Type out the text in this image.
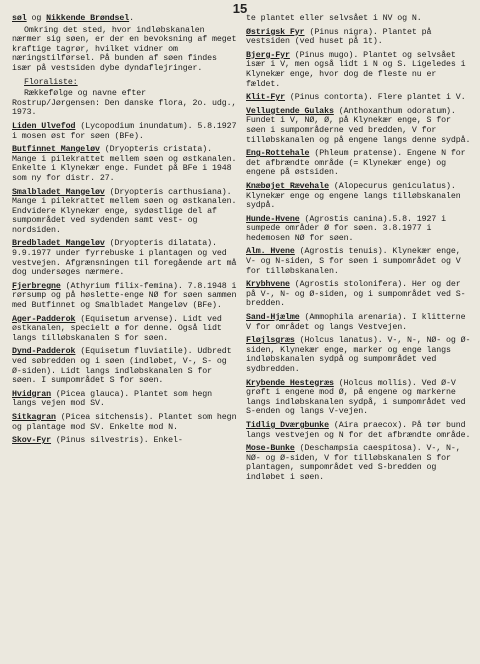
15
søl og Nikkende Brøndsel.

Omkring det sted, hvor indløbskanalen nærmer sig søen, er der en bevoksning af meget kraftige tagrør, hvilket vidner om næringstilførsel. På bunden af søen findes især på vestsiden dybe dyndaflejringer.

Floraliste:

Rækkefølge og navne efter Rostrup/Jørgensen: Den danske flora, 2o. udg., 1973.

Liden Ulvefod (Lycopodium inundatum). 5.8.1927 i mosen øst for søen (BFe).
Butfinnet Mangeløv (Dryopteris cristata). Mange i pilekrattet mellem søen og østkanalen. Enkelte i Klynekær enge. Fundet på BFe i 1948 som ny for distr. 27.
Smalbladet Mangeløv (Dryopteris carthusiana). Mange i pilekrattet mellem søen og østkanalen. Endvidere Klynekær enge, sydøstlige del af sumpområdet ved sydenden samt vest- og nordsiden.
Bredbladet Mangeløv (Dryopteris dilatata). 9.9.1977 under fyrrebuske i plantagen og ved vestvejen. Afgrænsningen til foregående art må dog undersøges nærmere.
Fjerbregne (Athyrium filix-femina). 7.8.1948 i rørsump og på høslette-enge NØ for søen sammen med Butfinnet og Smalbladet Mangeløv (BFe).
Ager-Padderok (Equisetum arvense). Lidt ved østkanalen, specielt ø for denne. Også lidt langs tilløbskanalen S for søen.
Dynd-Padderok (Equisetum fluviatile). Udbredt ved søbredden og i søen (indløbet, V-, S- og Ø-siden). Lidt langs indløbskanalen S for søen. I sumpområdet S for søen.
Hvidgran (Picea glauca). Plantet som hegn langs vejen mod SV.
Sitkagran (Picea sitchensis). Plantet som hegn og plantage mod SV. Enkelte mod N.
Skov-Fyr (Pinus silvestris). Enkel-

te plantet eller selvsået i NV og N.

Østrigsk Fyr (Pinus nigra). Plantet på vestsiden (ved huset på 1t).
Bjerg-Fyr (Pinus mugo). Plantet og selvsået især i V, men også lidt i N og S. Ligeledes i Klynekær enge, hvor dog de fleste nu er fældet.
Klit-Fyr (Pinus contorta). Flere plantet i V.
Vellugtende Gulaks (Anthoxanthum odoratum). Fundet i V, NØ, Ø, på Klynekær enge, S for søen i sumpområderne ved bredden, V for tilløbskanalen og på engene langs denne sydpå.
Eng-Rottehale (Phleum pratense). Engene N for det afbrændte område (= Klynekær enge) og engene på østsiden.
Knæbøjet Rævehale (Alopecurus geniculatus). Klynekær enge og engene langs tilløbskanalen sydpå.
Hunde-Hvene (Agrostis canina).5.8. 1927 i sumpede områder Ø for søen. 3.8.1977 i hedemosen NØ for søen.
Alm. Hvene (Agrostis tenuis). Klynekær enge, V- og N-siden, S for søen i sumpområdet og V for tilløbskanalen.
Krybhvene (Agrostis stolonifera). Her og der på V-, N- og Ø-siden, og i sumpområdet ved S-bredden.
Sand-Hjælme (Ammophila arenaria). I klitterne V for området og langs Vestvejen.
Fløjlsgræs (Holcus lanatus). V-, N-, NØ- og Ø-siden, Klynekær enge, marker og enge langs indløbskanalen sydpå og sumpområdet ved sydbredden.
Krybende Hestegræs (Holcus mollis). Ved Ø-V grøft i engene mod Ø, på engene og markerne langs indløbskanalen sydpå, i sumpområdet ved S-enden og langs V-vejen.
Tidlig Dværgbunke (Aira praecox). På tør bund langs vestvejen og N for det afbrændte område.
Mose-Bunke (Deschampsia caespitosa). V-, N-, NØ- og Ø-siden, V for tilløbskanalen S for plantagen, sumpområdet ved S-bredden og indløbet i søen.
